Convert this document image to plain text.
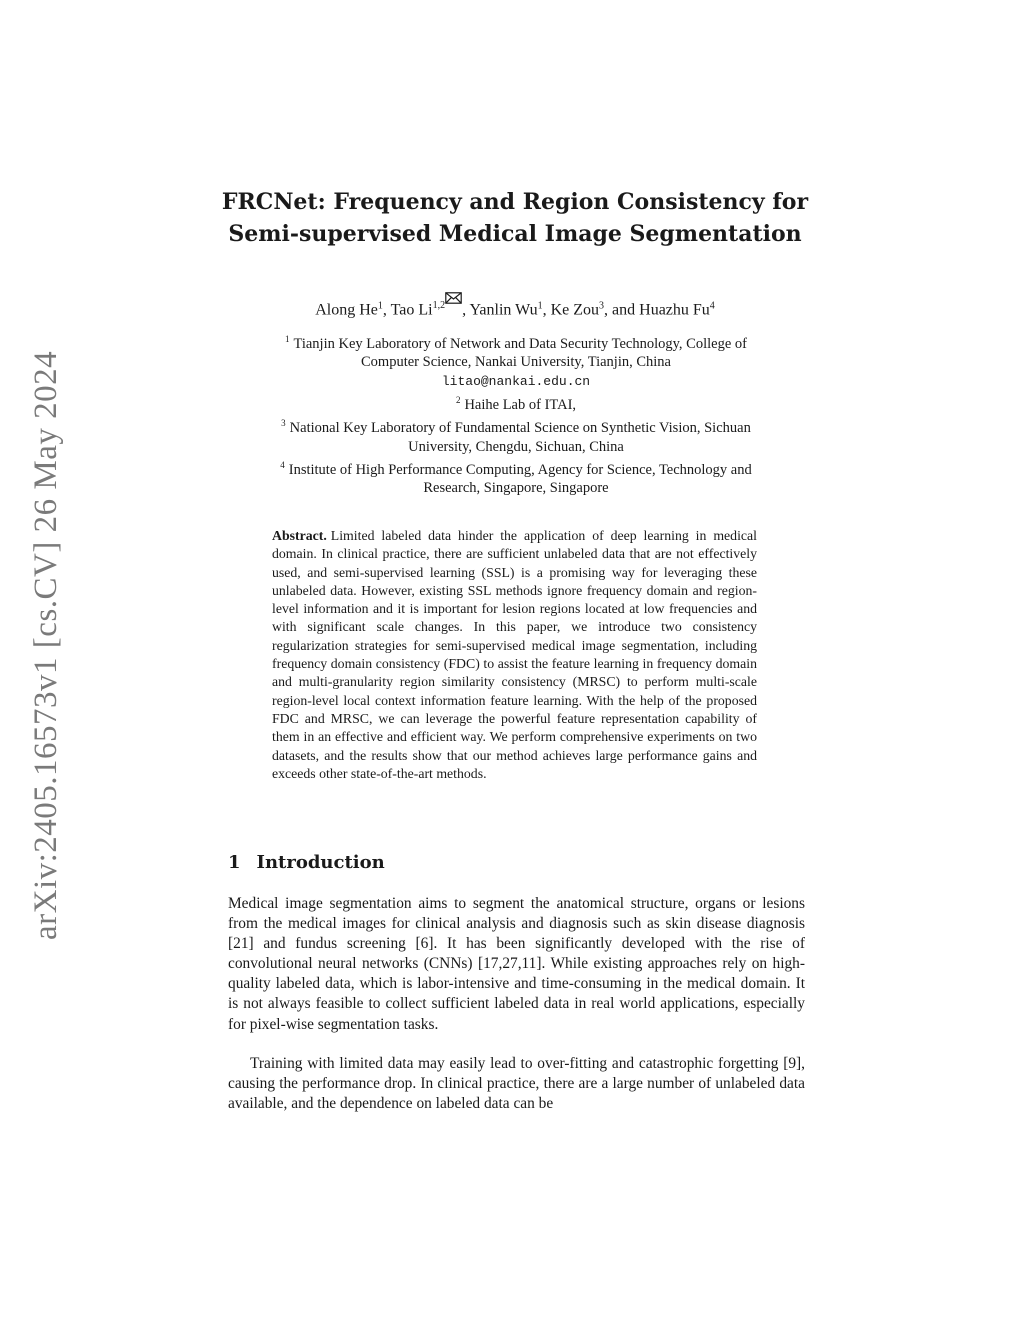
arXiv:2405.16573v1 [cs.CV] 26 May 2024
FRCNet: Frequency and Region Consistency for
Semi-supervised Medical Image Segmentation
Along He$^1$, Tao Li$^{1,2}$ , Yanlin Wu$^1$, Ke Zou$^3$, and Huazhu Fu$^4$

$^1$ Tianjin Key Laboratory of Network and Data Security Technology, College of

Computer Science, Nankai University, Tianjin, China

litao@nankai.edu.cn

$^2$ Haihe Lab of ITAI,

$^3$ National Key Laboratory of Fundamental Science on Synthetic Vision, Sichuan

University, Chengdu, Sichuan, China

$^4$ Institute of High Performance Computing, Agency for Science, Technology and

Research, Singapore, Singapore

Abstract. Limited labeled data hinder the application of deep learning in medical domain. In clinical practice, there are sufficient unlabeled data that are not effectively used, and semi-supervised learning (SSL) is a promising way for leveraging these unlabeled data. However, existing SSL methods ignore frequency domain and region-level information and it is important for lesion regions located at low frequencies and with significant scale changes. In this paper, we introduce two consistency regularization strategies for semi-supervised medical image segmentation, including frequency domain consistency (FDC) to assist the feature learning in frequency domain and multi-granularity region similarity consistency (MRSC) to perform multi-scale region-level local context information feature learning. With the help of the proposed FDC and MRSC, we can leverage the powerful feature representation capability of them in an effective and efficient way. We perform comprehensive experiments on two datasets, and the results show that our method achieves large performance gains and exceeds other state-of-the-art methods.

1 Introduction

Medical image segmentation aims to segment the anatomical structure, organs or lesions from the medical images for clinical analysis and diagnosis such as skin disease diagnosis [21] and fundus screening [6]. It has been significantly developed with the rise of convolutional neural networks (CNNs) [17,27,11]. While existing approaches rely on high-quality labeled data, which is labor-intensive and time-consuming in the medical domain. It is not always feasible to collect sufficient labeled data in real world applications, especially for pixel-wise segmentation tasks.

Training with limited data may easily lead to over-fitting and catastrophic forgetting [9], causing the performance drop. In clinical practice, there are a large number of unlabeled data available, and the dependence on labeled data can be
